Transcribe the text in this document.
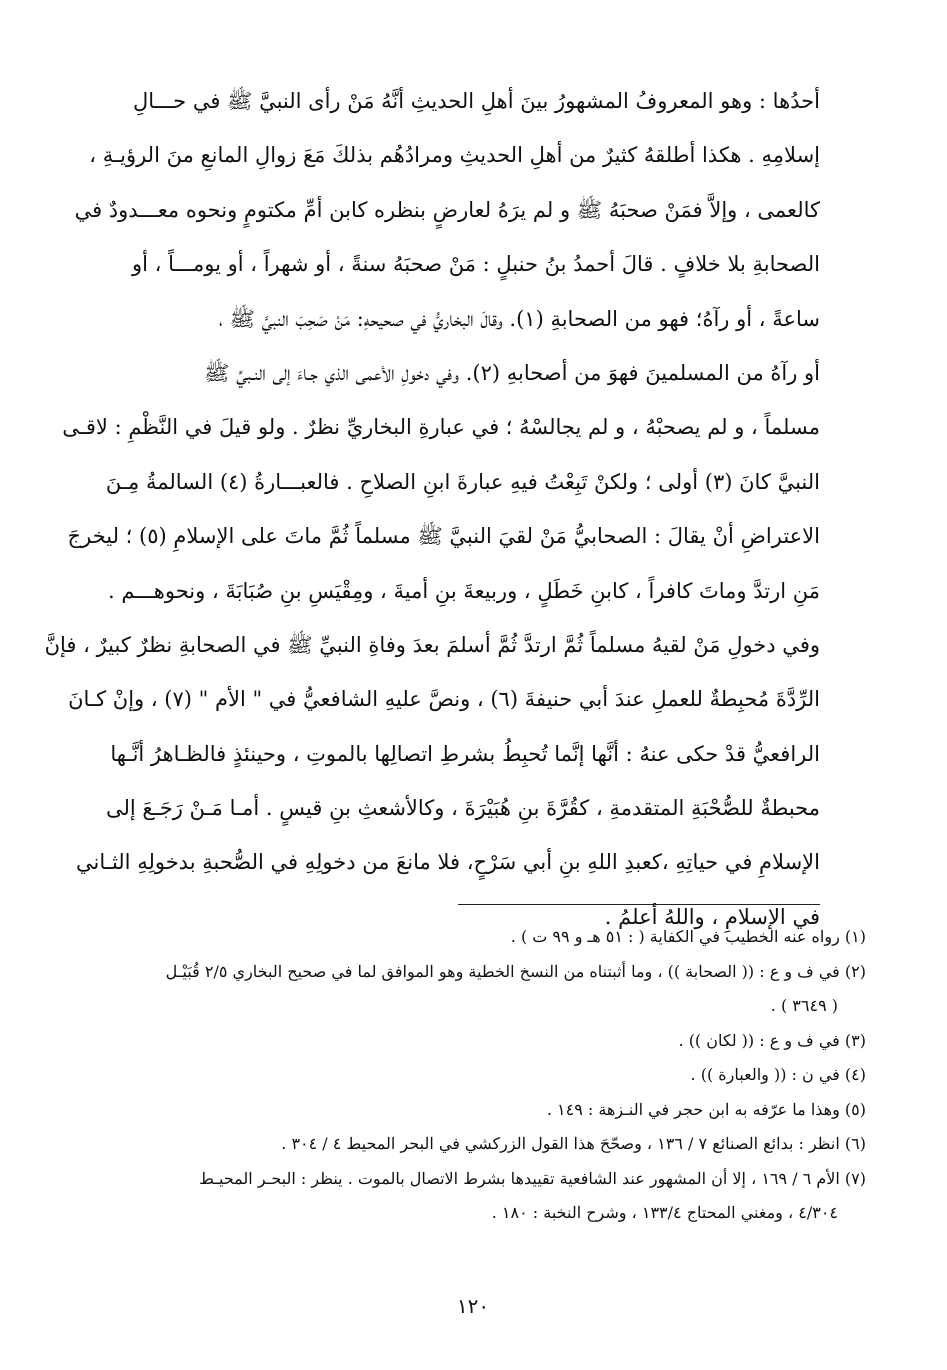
أحدُها : وهو المعروفُ المشهورُ بينَ أهلِ الحديثِ أنَّهُ مَنْ رأى النبيَّ ﷺ في حـــالِ
إسلامِهِ . هكذا أطلقهُ كثيرٌ من أهلِ الحديثِ ومرادُهُم بذلكَ مَعَ زوالِ المانعِ منَ الرؤيـةِ ،
كالعمى ، وإلاَّ فمَنْ صحبَهُ ﷺ و لم يرَهُ لعارضٍ بنظره كابن أمِّ مكتومٍ ونحوه معـــدودٌ في
الصحابةِ بلا خلافٍ . قالَ أحمدُ بنُ حنبلٍ : مَنْ صحبَهُ سنةً ، أو شهراً ، أو يومـــاً ، أو
ساعةً ، أو رآهُ؛ فهو من الصحابةِ (١). وقالَ البخاريُّ في صحيحهِ: مَنْ صَحِبَ النبيَّ ﷺ ،
أو رآهُ من المسلمينَ فهوَ من أصحابهِ (٢). وفي دخولِ الأعمى الذي جـاءَ إلى النـبيِّ ﷺ
مسلماً ، و لم يصحبْهُ ، و لم يجالسْهُ ؛ في عبارةِ البخاريِّ نظرٌ . ولو قيلَ في النَّظْمِ : لاقـى
النبيَّ كانَ (٣) أولى ؛ ولكنْ تَبِعْتُ فيهِ عبارةَ ابنِ الصلاحِ . فالعبـــارةُ (٤) السالمةُ مِـنَ
الاعتراضِ أنْ يقالَ : الصحابيُّ مَنْ لقيَ النبيَّ ﷺ مسلماً ثُمَّ ماتَ على الإسلامِ (٥) ؛ ليخرجَ
مَنِ ارتدَّ وماتَ كافراً ، كابنِ خَطَلٍ ، وربيعةَ بنِ أميةَ ، ومِقْيَسِ بنِ صُبَابَةَ ، ونحوهـــم .
وفي دخولِ مَنْ لقيهُ مسلماً ثُمَّ ارتدَّ ثُمَّ أسلمَ بعدَ وفاةِ النبيِّ ﷺ في الصحابةِ نظرٌ كبيرٌ ، فإنَّ
الرِّدَّةَ مُحبِطةٌ للعملِ عندَ أبي حنيفةَ (٦) ، ونصَّ عليهِ الشافعيُّ في " الأم " (٧) ، وإنْ كـانَ
الرافعيُّ قدْ حكى عنهُ : أنَّها إنَّما تُحبِطُ بشرطِ اتصالِها بالموتِ ، وحينئذٍ فالظـاهرُ أنَّـها
محبطةٌ للصُّحْبَةِ المتقدمةِ ، كقُرَّةَ بنِ هُبَيْرَةَ ، وكالأشعثِ بنِ قيسٍ . أمـا مَـنْ رَجَـعَ إلى
الإسلامِ في حياتِهِ ،كعبدِ اللهِ بنِ أبي سَرْحٍ، فلا مانعَ من دخولِهِ في الصُّحبةِ بدخولِهِ الثـاني
في الإسلامِ ، واللهُ أعلمُ .
(١) رواه عنه الخطيب في الكفاية ( : ٥١ هـ و ٩٩ ت ) .
(٢) في ف و ع : (( الصحابة )) ، وما أثبتناه من النسخ الخطية وهو الموافق لما في صحيح البخاري ٢/٥ قُبَيْـل
( ٣٦٤٩ ) .
(٣) في ف و ع : (( لكان )) .
(٤) في ن : (( والعبارة )) .
(٥) وهذا ما عرّفه به ابن حجر في النـزهة : ١٤٩ .
(٦) انظر : بدائع الصنائع ٧ / ١٣٦ ، وصحّحَ هذا القول الزركشي في البحر المحيط ٤ / ٣٠٤ .
(٧) الأم ٦ / ١٦٩ ، إلا أن المشهور عند الشافعية تقييدها بشرط الاتصال بالموت . ينظر : البحـر المحيـط
٤/٣٠٤ ، ومغني المحتاج ١٣٣/٤ ، وشرح النخبة : ١٨٠ .
١٢٠
